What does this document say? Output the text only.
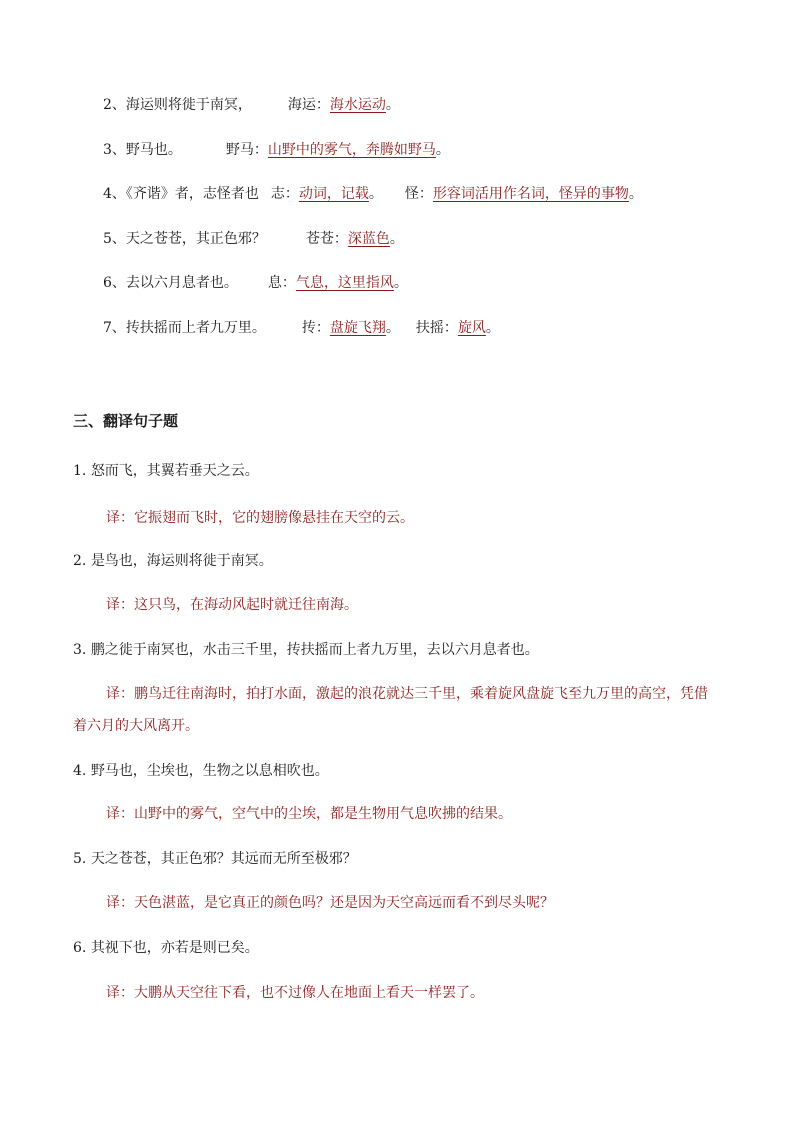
2、海运则将徙于南冥，	海运：海水运动。
3、野马也。	野马：山野中的雾气，奔腾如野马。
4、《齐谐》者，志怪者也 志：动词，记载。 怪：形容词活用作名词，怪异的事物。
5、天之苍苍，其正色邪？	苍苍：深蓝色。
6、去以六月息者也。 息：气息，这里指风。
7、抟扶摇而上者九万里。	抟：盘旋飞翔。 扶摇：旋风。
三、翻译句子题
1. 怒而飞，其翼若垂天之云。
译：它振翅而飞时，它的翅膀像悬挂在天空的云。
2. 是鸟也，海运则将徙于南冥。
译：这只鸟，在海动风起时就迁往南海。
3. 鹏之徙于南冥也，水击三千里，抟扶摇而上者九万里，去以六月息者也。
译：鹏鸟迁往南海时，拍打水面，激起的浪花就达三千里，乘着旋风盘旋飞至九万里的高空，凭借着六月的大风离开。
4. 野马也，尘埃也，生物之以息相吹也。
译：山野中的雾气，空气中的尘埃，都是生物用气息吹拂的结果。
5. 天之苍苍，其正色邪？其远而无所至极邪？
译：天色湛蓝，是它真正的颜色吗？还是因为天空高远而看不到尽头呢？
6. 其视下也，亦若是则已矣。
译：大鹏从天空往下看，也不过像人在地面上看天一样罢了。
